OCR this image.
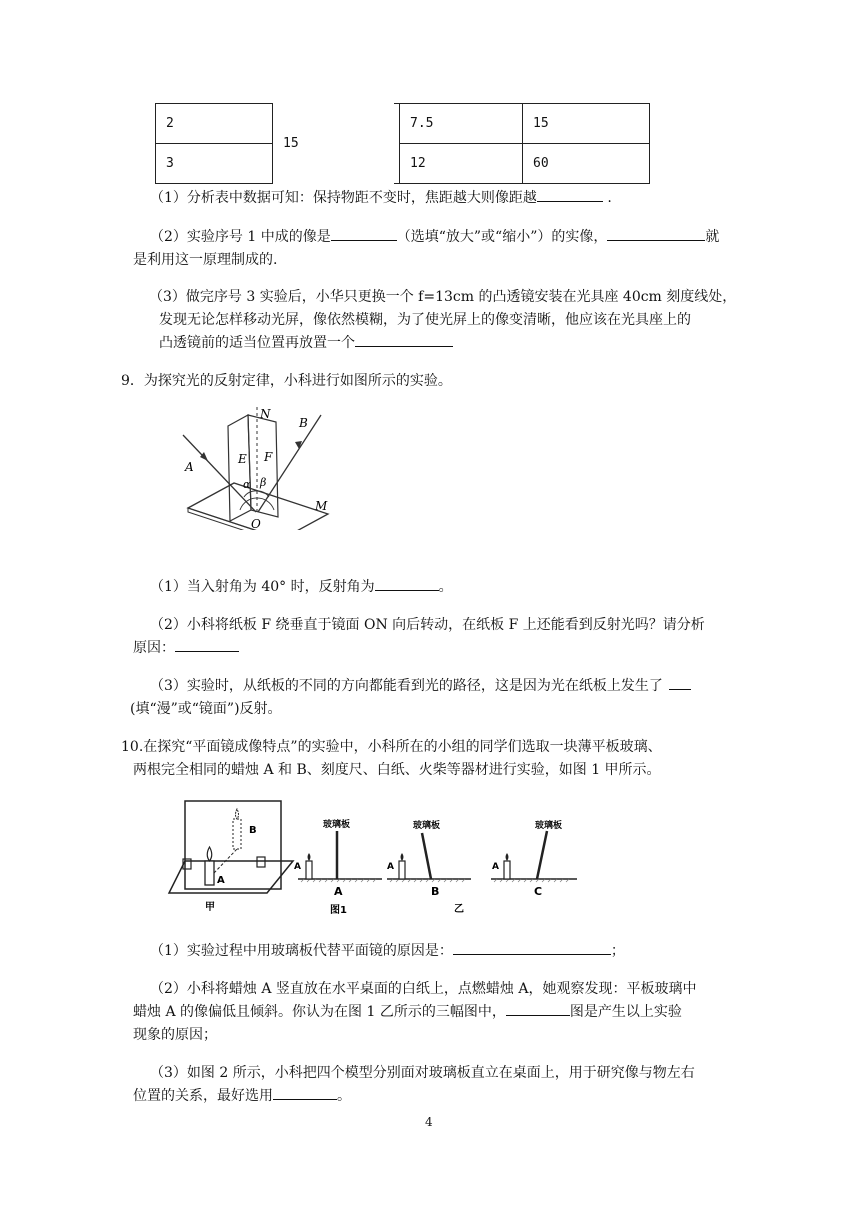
2	15		7.5	15
3		12	60
（1）分析表中数据可知：保持物距不变时，焦距越大则像距越	.
（2）实验序号 1 中成的像是	（选填“放大”或“缩小”）的实像，	就
是利用这一原理制成的.
（3）做完序号 3 实验后，小华只更换一个 f=13cm 的凸透镜安装在光具座 40cm 刻度线处，
发现无论怎样移动光屏，像依然模糊，为了使光屏上的像变清晰，他应该在光具座上的
凸透镜前的适当位置再放置一个
9．为探究光的反射定律，小科进行如图所示的实验。
N
B
A
E F
α β
O
M
（1）当入射角为 40° 时，反射角为	。
（2）小科将纸板 F 绕垂直于镜面 ON 向后转动，在纸板 F 上还能看到反射光吗？请分析
原因：
（3）实验时，从纸板的不同的方向都能看到光的路径，这是因为光在纸板上发生了
(填“漫”或“镜面”)反射。
10.在探究“平面镜成像特点”的实验中，小科所在的小组的同学们选取一块薄平板玻璃、
两根完全相同的蜡烛 A 和 B、刻度尺、白纸、火柴等器材进行实验，如图 1 甲所示。
B
A
甲
A
玻璃板
A
图1
A
玻璃板
B
乙
A
玻璃板
C
（1）实验过程中用玻璃板代替平面镜的原因是：	；
（2）小科将蜡烛 A 竖直放在水平桌面的白纸上，点燃蜡烛 A，她观察发现：平板玻璃中
蜡烛 A 的像偏低且倾斜。你认为在图 1 乙所示的三幅图中，	图是产生以上实验
现象的原因；
（3）如图 2 所示，小科把四个模型分别面对玻璃板直立在桌面上，用于研究像与物左右
位置的关系，最好选用	。
4
